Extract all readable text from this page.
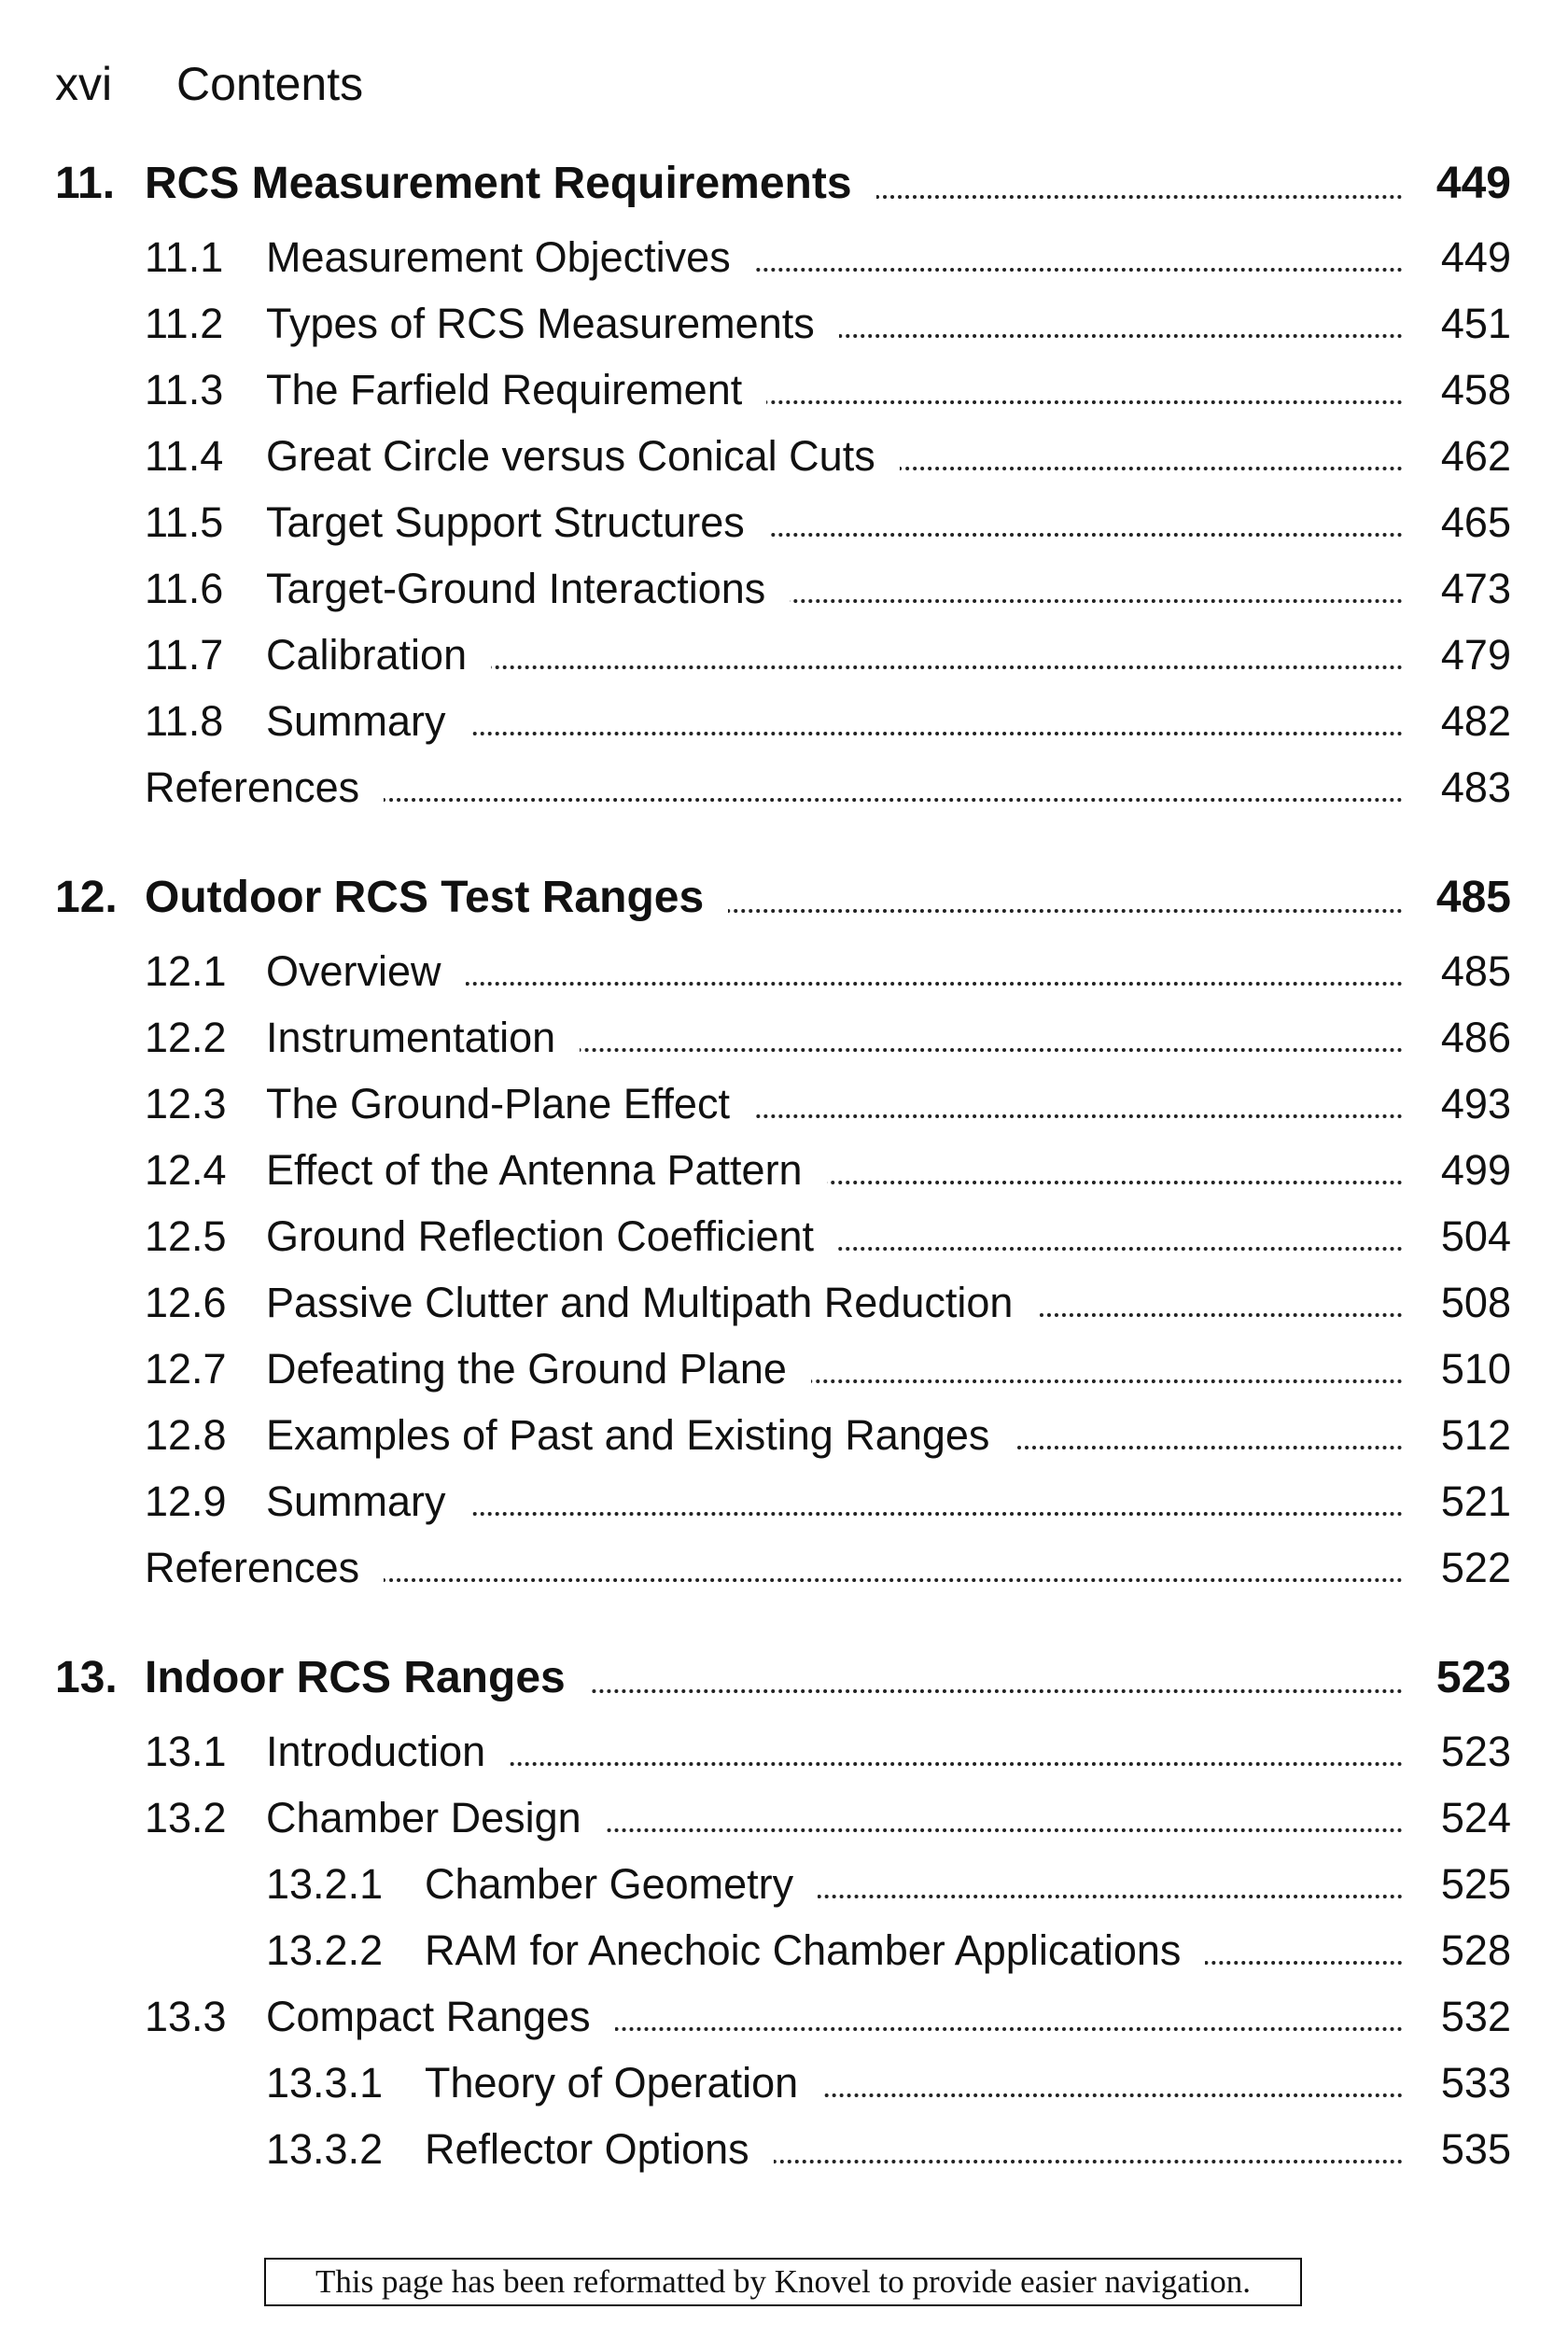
xvi	Contents
11. RCS Measurement Requirements	449
11.1 Measurement Objectives	449
11.2 Types of RCS Measurements	451
11.3 The Farfield Requirement	458
11.4 Great Circle versus Conical Cuts	462
11.5 Target Support Structures	465
11.6 Target-Ground Interactions	473
11.7 Calibration	479
11.8 Summary	482
References	483
12. Outdoor RCS Test Ranges	485
12.1 Overview	485
12.2 Instrumentation	486
12.3 The Ground-Plane Effect	493
12.4 Effect of the Antenna Pattern	499
12.5 Ground Reflection Coefficient	504
12.6 Passive Clutter and Multipath Reduction	508
12.7 Defeating the Ground Plane	510
12.8 Examples of Past and Existing Ranges	512
12.9 Summary	521
References	522
13. Indoor RCS Ranges	523
13.1 Introduction	523
13.2 Chamber Design	524
13.2.1 Chamber Geometry	525
13.2.2 RAM for Anechoic Chamber Applications	528
13.3 Compact Ranges	532
13.3.1 Theory of Operation	533
13.3.2 Reflector Options	535
This page has been reformatted by Knovel to provide easier navigation.
